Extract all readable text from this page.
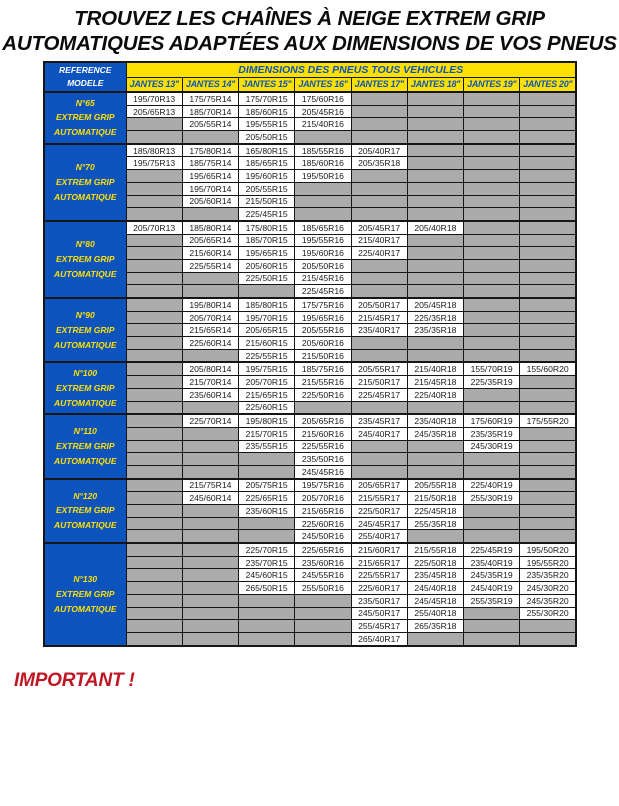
TROUVEZ LES CHAÎNES À NEIGE EXTREM GRIP
AUTOMATIQUES ADAPTÉES AUX DIMENSIONS DE VOS PNEUS
REFERENCE
MODELE	DIMENSIONS DES PNEUS TOUS VEHICULES							
	JANTES 13''	JANTES 14''	JANTES 15''	JANTES 16''	JANTES 17''	JANTES 18''	JANTES 19''	JANTES 20''

N°65
EXTREM GRIP
AUTOMATIQUE	195/70R13	175/75R14	175/70R15	175/60R16				
	205/65R13	185/70R14	185/60R15	205/45R16				
		205/55R14	195/55R15	215/40R16				
			205/50R15					

N°70
EXTREM GRIP
AUTOMATIQUE	185/80R13	175/80R14	165/80R15	185/55R16	205/40R17			
	195/75R13	185/75R14	185/65R15	185/60R16	205/35R18			
		195/65R14	195/60R15	195/50R16				
		195/70R14	205/55R15					
		205/60R14	215/50R15					
			225/45R15					

N°80
EXTREM GRIP
AUTOMATIQUE	205/70R13	185/80R14	175/80R15	185/65R16	205/45R17	205/40R18		
		205/65R14	185/70R15	195/55R16	215/40R17			
		215/60R14	195/65R15	195/60R16	225/40R17			
		225/55R14	205/60R15	205/50R16				
			225/50R15	215/45R16				
				225/45R16				

N°90
EXTREM GRIP
AUTOMATIQUE		195/80R14	185/80R15	175/75R16	205/50R17	205/45R18		
		205/70R14	195/70R15	195/65R16	215/45R17	225/35R18		
		215/65R14	205/65R15	205/55R16	235/40R17	235/35R18		
		225/60R14	215/60R15	205/60R16				
			225/55R15	215/50R16				

N°100
EXTREM GRIP
AUTOMATIQUE		205/80R14	195/75R15	185/75R16	205/55R17	215/40R18	155/70R19	155/60R20
		215/70R14	205/70R15	215/55R16	215/50R17	215/45R18	225/35R19	
		235/60R14	215/65R15	225/50R16	225/45R17	225/40R18		
			225/60R15					

N°110
EXTREM GRIP
AUTOMATIQUE		225/70R14	195/80R15	205/65R16	235/45R17	235/40R18	175/60R19	175/55R20
			215/70R15	215/60R16	245/40R17	245/35R18	235/35R19	
			235/55R15	225/55R16			245/30R19	
				235/50R16				
				245/45R16				

N°120
EXTREM GRIP
AUTOMATIQUE		215/75R14	205/75R15	195/75R16	205/65R17	205/55R18	225/40R19	
		245/60R14	225/65R15	205/70R16	215/55R17	215/50R18	255/30R19	
			235/60R15	215/65R16	225/50R17	225/45R18		
				225/60R16	245/45R17	255/35R18		
				245/50R16	255/40R17			

N°130
EXTREM GRIP
AUTOMATIQUE			225/70R15	225/65R16	215/60R17	215/55R18	225/45R19	195/50R20
			235/70R15	235/60R16	215/65R17	225/50R18	235/40R19	195/55R20
			245/60R15	245/55R16	225/55R17	235/45R18	245/35R19	235/35R20
			265/50R15	255/50R16	225/60R17	245/40R18	245/40R19	245/30R20
					235/50R17	245/45R18	255/35R19	245/35R20
					245/50R17	255/40R18		255/30R20
					255/45R17	265/35R18		
					265/40R17			
IMPORTANT !
